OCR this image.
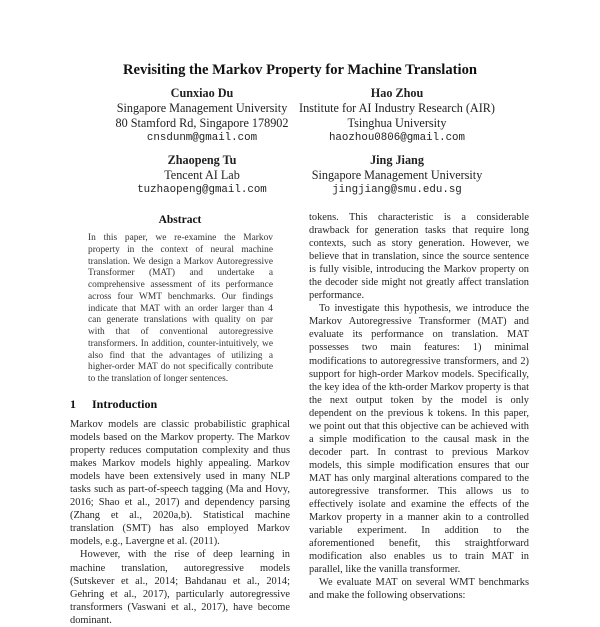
Revisiting the Markov Property for Machine Translation
Cunxiao Du
Singapore Management University
80 Stamford Rd, Singapore 178902
cnsdunm@gmail.com
Hao Zhou
Institute for AI Industry Research (AIR)
Tsinghua University
haozhou0806@gmail.com
Zhaopeng Tu
Tencent AI Lab
tuzhaopeng@gmail.com
Jing Jiang
Singapore Management University
jingjiang@smu.edu.sg
Abstract
In this paper, we re-examine the Markov property in the context of neural machine translation. We design a Markov Autoregressive Transformer (MAT) and undertake a comprehensive assessment of its performance across four WMT benchmarks. Our findings indicate that MAT with an order larger than 4 can generate translations with quality on par with that of conventional autoregressive transformers. In addition, counter-intuitively, we also find that the advantages of utilizing a higher-order MAT do not specifically contribute to the translation of longer sentences.
1 Introduction

Markov models are classic probabilistic graphical models based on the Markov property. The Markov property reduces computation complexity and thus makes Markov models highly appealing. Markov models have been extensively used in many NLP tasks such as part-of-speech tagging (Ma and Hovy, 2016; Shao et al., 2017) and dependency parsing (Zhang et al., 2020a,b). Statistical machine translation (SMT) has also employed Markov models, e.g., Lavergne et al. (2011).

However, with the rise of deep learning in machine translation, autoregressive models (Sutskever et al., 2014; Bahdanau et al., 2014; Gehring et al., 2017), particularly autoregressive transformers (Vaswani et al., 2017), have become dominant.

tokens. This characteristic is a considerable drawback for generation tasks that require long contexts, such as story generation. However, we believe that in translation, since the source sentence is fully visible, introducing the Markov property on the decoder side might not greatly affect translation performance.

To investigate this hypothesis, we introduce the Markov Autoregressive Transformer (MAT) and evaluate its performance on translation. MAT possesses two main features: 1) minimal modifications to autoregressive transformers, and 2) support for high-order Markov models. Specifically, the key idea of the kth-order Markov property is that the next output token by the model is only dependent on the previous k tokens. In this paper, we point out that this objective can be achieved with a simple modification to the causal mask in the decoder part. In contrast to previous Markov models, this simple modification ensures that our MAT has only marginal alterations compared to the autoregressive transformer. This allows us to effectively isolate and examine the effects of the Markov property in a manner akin to a controlled variable experiment. In addition to the aforementioned benefit, this straightforward modification also enables us to train MAT in parallel, like the vanilla transformer.

We evaluate MAT on several WMT benchmarks and make the following observations:
